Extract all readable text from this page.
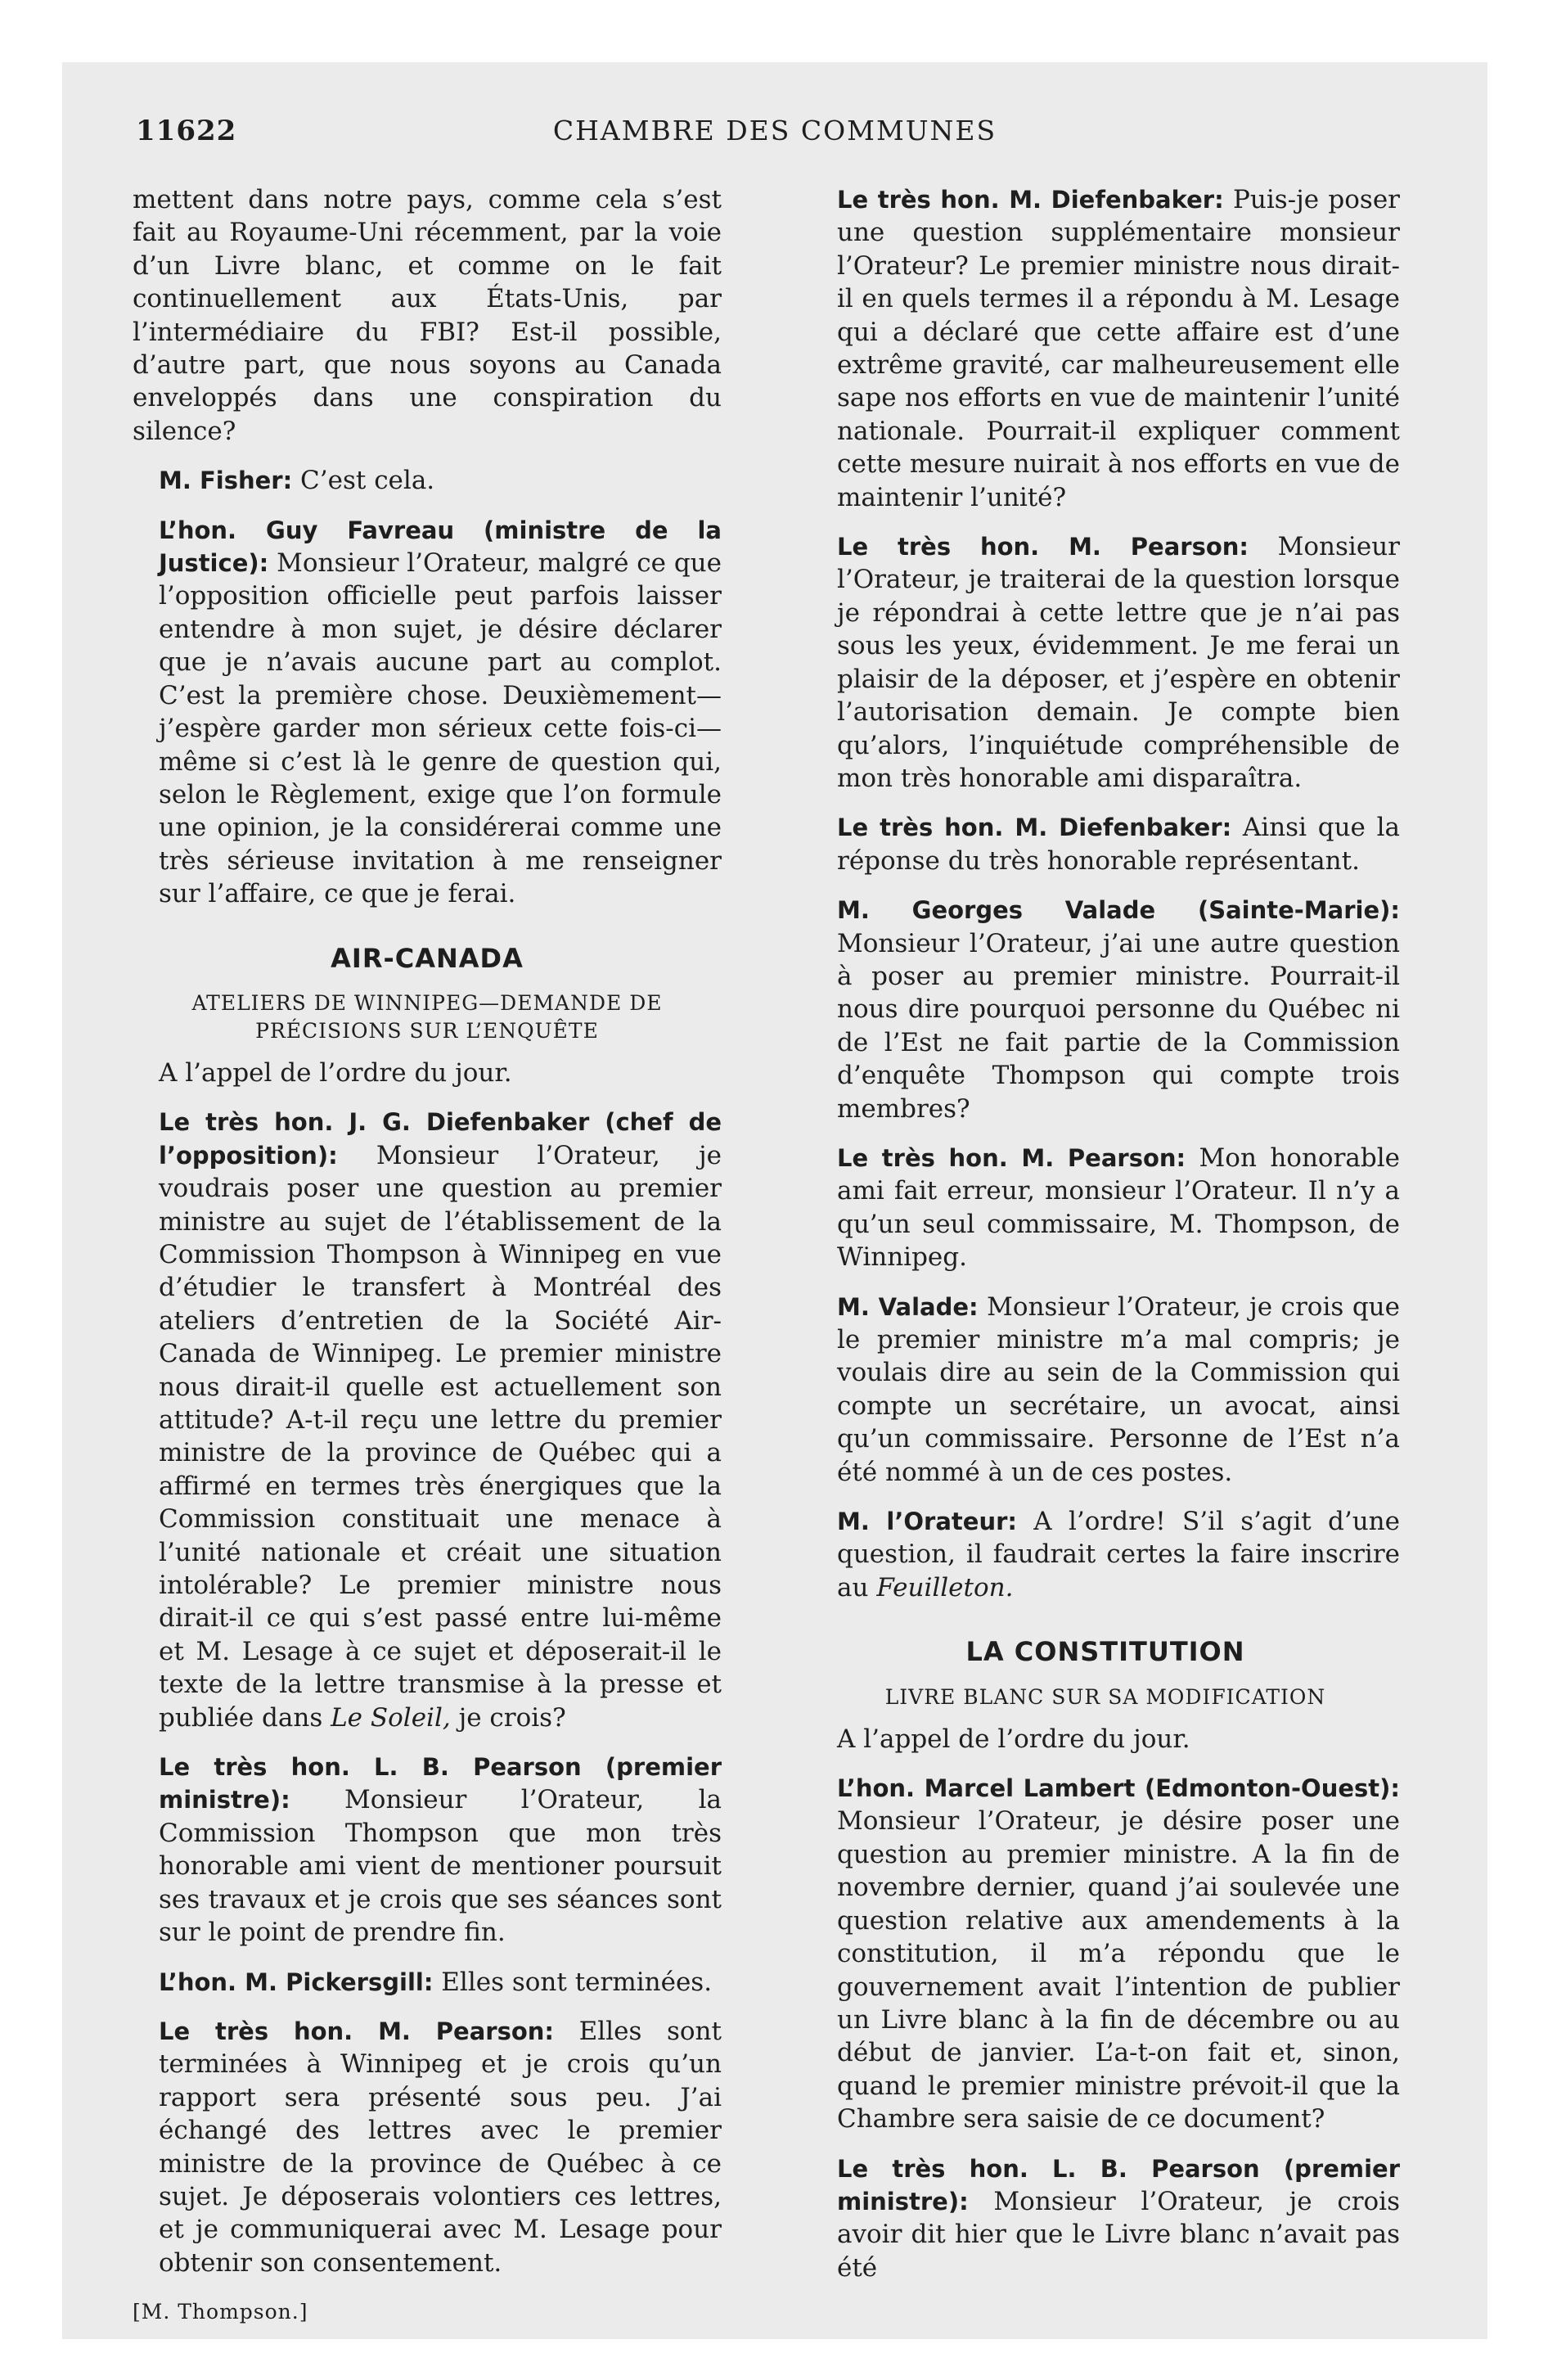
11622	CHAMBRE DES COMMUNES

mettent dans notre pays, comme cela s’est fait au Royaume-Uni récemment, par la voie d’un Livre blanc, et comme on le fait continuellement aux États-Unis, par l’intermédiaire du FBI? Est-il possible, d’autre part, que nous soyons au Canada enveloppés dans une conspiration du silence?

M. Fisher: C’est cela.

L’hon. Guy Favreau (ministre de la Justice): Monsieur l’Orateur, malgré ce que l’opposition officielle peut parfois laisser entendre à mon sujet, je désire déclarer que je n’avais aucune part au complot. C’est la première chose. Deuxièmement—j’espère garder mon sérieux cette fois-ci—même si c’est là le genre de question qui, selon le Règlement, exige que l’on formule une opinion, je la considérerai comme une très sérieuse invitation à me renseigner sur l’affaire, ce que je ferai.

AIR-CANADA
ATELIERS DE WINNIPEG—DEMANDE DE PRÉCISIONS SUR L’ENQUÊTE

A l’appel de l’ordre du jour.

Le très hon. J. G. Diefenbaker (chef de l’opposition): Monsieur l’Orateur, je voudrais poser une question au premier ministre au sujet de l’établissement de la Commission Thompson à Winnipeg en vue d’étudier le transfert à Montréal des ateliers d’entretien de la Société Air-Canada de Winnipeg. Le premier ministre nous dirait-il quelle est actuellement son attitude? A-t-il reçu une lettre du premier ministre de la province de Québec qui a affirmé en termes très énergiques que la Commission constituait une menace à l’unité nationale et créait une situation intolérable? Le premier ministre nous dirait-il ce qui s’est passé entre lui-même et M. Lesage à ce sujet et déposerait-il le texte de la lettre transmise à la presse et publiée dans Le Soleil, je crois?

Le très hon. L. B. Pearson (premier ministre): Monsieur l’Orateur, la Commission Thompson que mon très honorable ami vient de mentioner poursuit ses travaux et je crois que ses séances sont sur le point de prendre fin.

L’hon. M. Pickersgill: Elles sont terminées.

Le très hon. M. Pearson: Elles sont terminées à Winnipeg et je crois qu’un rapport sera présenté sous peu. J’ai échangé des lettres avec le premier ministre de la province de Québec à ce sujet. Je déposerais volontiers ces lettres, et je communiquerai avec M. Lesage pour obtenir son consentement.

[M. Thompson.]

Le très hon. M. Diefenbaker: Puis-je poser une question supplémentaire monsieur l’Orateur? Le premier ministre nous dirait-il en quels termes il a répondu à M. Lesage qui a déclaré que cette affaire est d’une extrême gravité, car malheureusement elle sape nos efforts en vue de maintenir l’unité nationale. Pourrait-il expliquer comment cette mesure nuirait à nos efforts en vue de maintenir l’unité?

Le très hon. M. Pearson: Monsieur l’Orateur, je traiterai de la question lorsque je répondrai à cette lettre que je n’ai pas sous les yeux, évidemment. Je me ferai un plaisir de la déposer, et j’espère en obtenir l’autorisation demain. Je compte bien qu’alors, l’inquiétude compréhensible de mon très honorable ami disparaîtra.

Le très hon. M. Diefenbaker: Ainsi que la réponse du très honorable représentant.

M. Georges Valade (Sainte-Marie): Monsieur l’Orateur, j’ai une autre question à poser au premier ministre. Pourrait-il nous dire pourquoi personne du Québec ni de l’Est ne fait partie de la Commission d’enquête Thompson qui compte trois membres?

Le très hon. M. Pearson: Mon honorable ami fait erreur, monsieur l’Orateur. Il n’y a qu’un seul commissaire, M. Thompson, de Winnipeg.

M. Valade: Monsieur l’Orateur, je crois que le premier ministre m’a mal compris; je voulais dire au sein de la Commission qui compte un secrétaire, un avocat, ainsi qu’un commissaire. Personne de l’Est n’a été nommé à un de ces postes.

M. l’Orateur: A l’ordre! S’il s’agit d’une question, il faudrait certes la faire inscrire au Feuilleton.

LA CONSTITUTION
LIVRE BLANC SUR SA MODIFICATION

A l’appel de l’ordre du jour.

L’hon. Marcel Lambert (Edmonton-Ouest): Monsieur l’Orateur, je désire poser une question au premier ministre. A la fin de novembre dernier, quand j’ai soulevée une question relative aux amendements à la constitution, il m’a répondu que le gouvernement avait l’intention de publier un Livre blanc à la fin de décembre ou au début de janvier. L’a-t-on fait et, sinon, quand le premier ministre prévoit-il que la Chambre sera saisie de ce document?

Le très hon. L. B. Pearson (premier ministre): Monsieur l’Orateur, je crois avoir dit hier que le Livre blanc n’avait pas été
